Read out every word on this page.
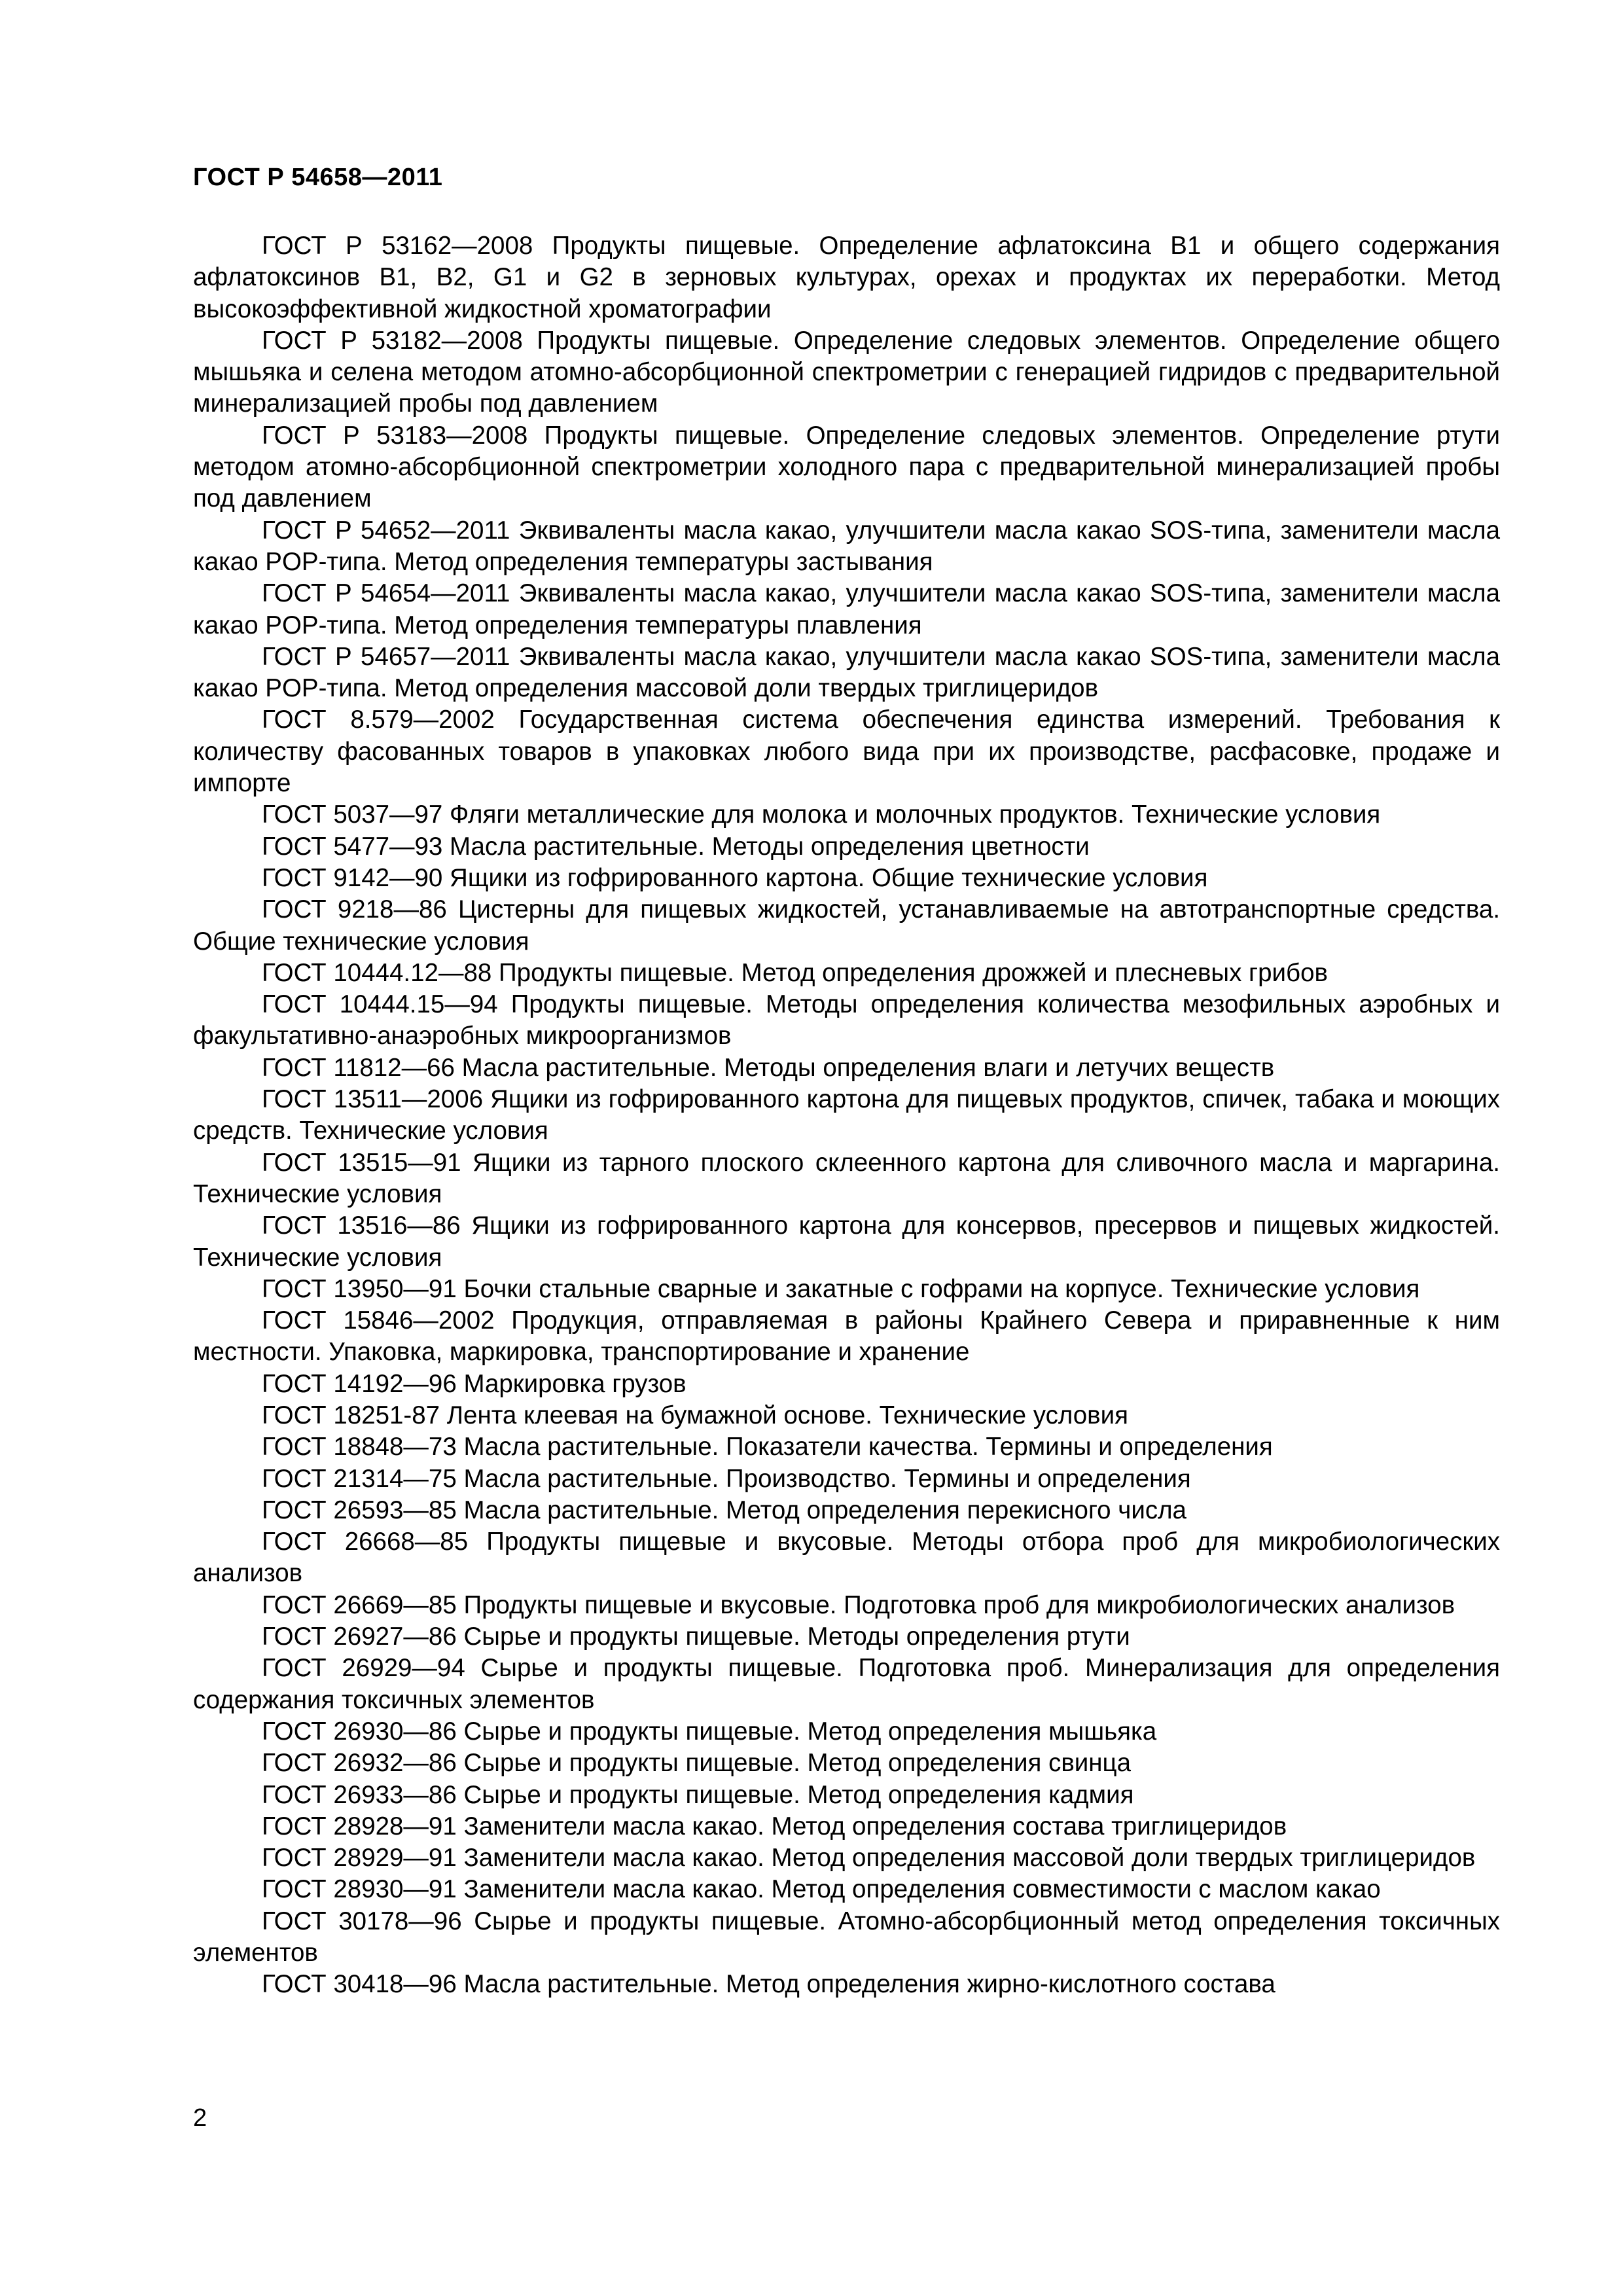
ГОСТ Р 54658—2011

ГОСТ Р 53162—2008 Продукты пищевые. Определение афлатоксина В1 и общего содержания афлатоксинов В1, В2, G1 и G2 в зерновых культурах, орехах и продуктах их переработки. Метод высокоэффективной жидкостной хроматографии

ГОСТ Р 53182—2008 Продукты пищевые. Определение следовых элементов. Определение общего мышьяка и селена методом атомно-абсорбционной спектрометрии с генерацией гидридов с предварительной минерализацией пробы под давлением

ГОСТ Р 53183—2008 Продукты пищевые. Определение следовых элементов. Определение ртути методом атомно-абсорбционной спектрометрии холодного пара с предварительной минерализацией пробы под давлением

ГОСТ Р 54652—2011 Эквиваленты масла какао, улучшители масла какао SOS-типа, заменители масла какао POP-типа. Метод определения температуры застывания

ГОСТ Р 54654—2011 Эквиваленты масла какао, улучшители масла какао SOS-типа, заменители масла какао POP-типа. Метод определения температуры плавления

ГОСТ Р 54657—2011 Эквиваленты масла какао, улучшители масла какао SOS-типа, заменители масла какао POP-типа. Метод определения массовой доли твердых триглицеридов

ГОСТ 8.579—2002 Государственная система обеспечения единства измерений. Требования к количеству фасованных товаров в упаковках любого вида при их производстве, расфасовке, продаже и импорте

ГОСТ 5037—97 Фляги металлические для молока и молочных продуктов. Технические условия

ГОСТ 5477—93 Масла растительные. Методы определения цветности

ГОСТ 9142—90 Ящики из гофрированного картона. Общие технические условия

ГОСТ 9218—86 Цистерны для пищевых жидкостей, устанавливаемые на автотранспортные средства. Общие технические условия

ГОСТ 10444.12—88 Продукты пищевые. Метод определения дрожжей и плесневых грибов

ГОСТ 10444.15—94 Продукты пищевые. Методы определения количества мезофильных аэробных и факультативно-анаэробных микроорганизмов

ГОСТ 11812—66 Масла растительные. Методы определения влаги и летучих веществ

ГОСТ 13511—2006 Ящики из гофрированного картона для пищевых продуктов, спичек, табака и моющих средств. Технические условия

ГОСТ 13515—91 Ящики из тарного плоского склеенного картона для сливочного масла и маргарина. Технические условия

ГОСТ 13516—86 Ящики из гофрированного картона для консервов, пресервов и пищевых жидкостей. Технические условия

ГОСТ 13950—91 Бочки стальные сварные и закатные с гофрами на корпусе. Технические условия

ГОСТ 15846—2002 Продукция, отправляемая в районы Крайнего Севера и приравненные к ним местности. Упаковка, маркировка, транспортирование и хранение

ГОСТ 14192—96 Маркировка грузов

ГОСТ 18251-87 Лента клеевая на бумажной основе. Технические условия

ГОСТ 18848—73 Масла растительные. Показатели качества. Термины и определения

ГОСТ 21314—75 Масла растительные. Производство. Термины и определения

ГОСТ 26593—85 Масла растительные. Метод определения перекисного числа

ГОСТ 26668—85 Продукты пищевые и вкусовые. Методы отбора проб для микробиологических анализов

ГОСТ 26669—85 Продукты пищевые и вкусовые. Подготовка проб для микробиологических анализов

ГОСТ 26927—86 Сырье и продукты пищевые. Методы определения ртути

ГОСТ 26929—94 Сырье и продукты пищевые. Подготовка проб. Минерализация для определения содержания токсичных элементов

ГОСТ 26930—86 Сырье и продукты пищевые. Метод определения мышьяка

ГОСТ 26932—86 Сырье и продукты пищевые. Метод определения свинца

ГОСТ 26933—86 Сырье и продукты пищевые. Метод определения кадмия

ГОСТ 28928—91 Заменители масла какао. Метод определения состава триглицеридов

ГОСТ 28929—91 Заменители масла какао. Метод определения массовой доли твердых триглицеридов

ГОСТ 28930—91 Заменители масла какао. Метод определения совместимости с маслом какао

ГОСТ 30178—96 Сырье и продукты пищевые. Атомно-абсорбционный метод определения токсичных элементов

ГОСТ 30418—96 Масла растительные. Метод определения жирно-кислотного состава

2
